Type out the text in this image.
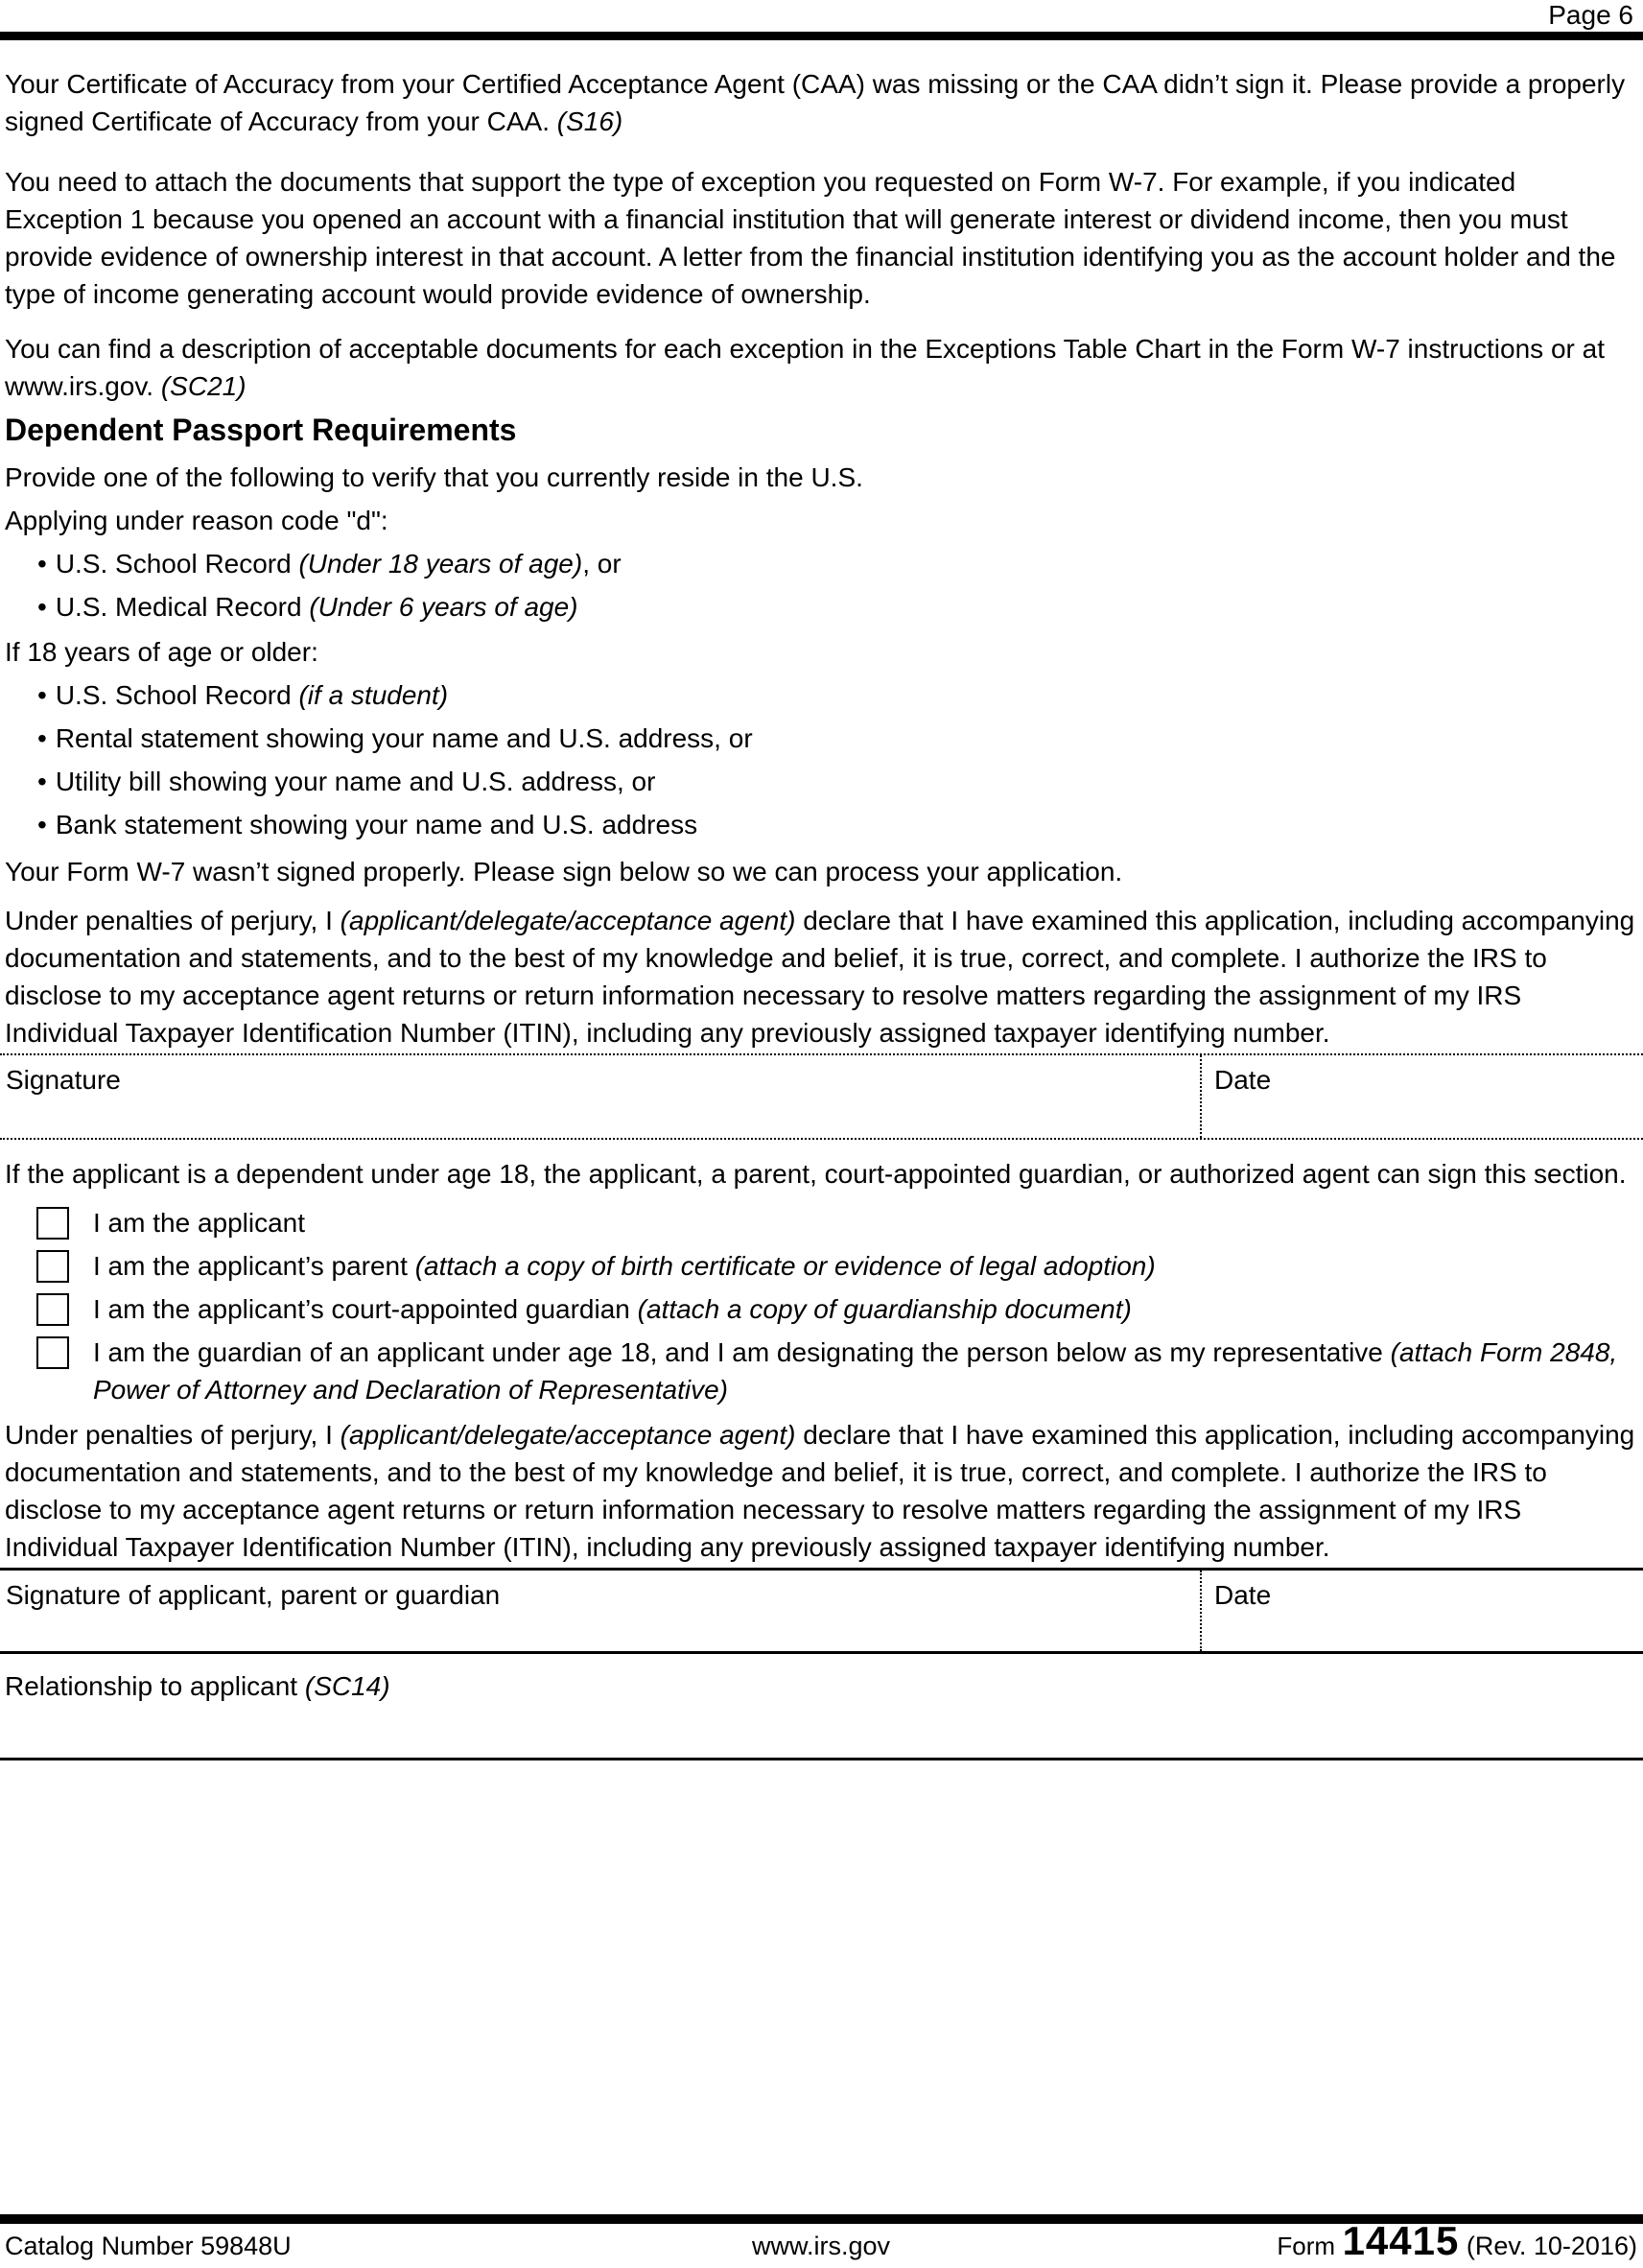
Page 6
Your Certificate of Accuracy from your Certified Acceptance Agent (CAA) was missing or the CAA didn’t sign it. Please provide a properly signed Certificate of Accuracy from your CAA. (S16)
You need to attach the documents that support the type of exception you requested on Form W-7. For example, if you indicated Exception 1 because you opened an account with a financial institution that will generate interest or dividend income, then you must provide evidence of ownership interest in that account. A letter from the financial institution identifying you as the account holder and the type of income generating account would provide evidence of ownership.
You can find a description of acceptable documents for each exception in the Exceptions Table Chart in the Form W-7 instructions or at www.irs.gov. (SC21)
Dependent Passport Requirements
Provide one of the following to verify that you currently reside in the U.S.
Applying under reason code "d":
• U.S. School Record (Under 18 years of age), or
• U.S. Medical Record (Under 6 years of age)
If 18 years of age or older:
• U.S. School Record (if a student)
• Rental statement showing your name and U.S. address, or
• Utility bill showing your name and U.S. address, or
• Bank statement showing your name and U.S. address
Your Form W-7 wasn’t signed properly. Please sign below so we can process your application.
Under penalties of perjury, I (applicant/delegate/acceptance agent) declare that I have examined this application, including accompanying documentation and statements, and to the best of my knowledge and belief, it is true, correct, and complete. I authorize the IRS to disclose to my acceptance agent returns or return information necessary to resolve matters regarding the assignment of my IRS Individual Taxpayer Identification Number (ITIN), including any previously assigned taxpayer identifying number.
Signature	Date
If the applicant is a dependent under age 18, the applicant, a parent, court-appointed guardian, or authorized agent can sign this section.
I am the applicant
I am the applicant’s parent (attach a copy of birth certificate or evidence of legal adoption)
I am the applicant’s court-appointed guardian (attach a copy of guardianship document)
I am the guardian of an applicant under age 18, and I am designating the person below as my representative (attach Form 2848, Power of Attorney and Declaration of Representative)
Under penalties of perjury, I (applicant/delegate/acceptance agent) declare that I have examined this application, including accompanying documentation and statements, and to the best of my knowledge and belief, it is true, correct, and complete. I authorize the IRS to disclose to my acceptance agent returns or return information necessary to resolve matters regarding the assignment of my IRS Individual Taxpayer Identification Number (ITIN), including any previously assigned taxpayer identifying number.
Signature of applicant, parent or guardian	Date
Relationship to applicant (SC14)
Catalog Number 59848U	www.irs.gov	Form 14415 (Rev. 10-2016)
